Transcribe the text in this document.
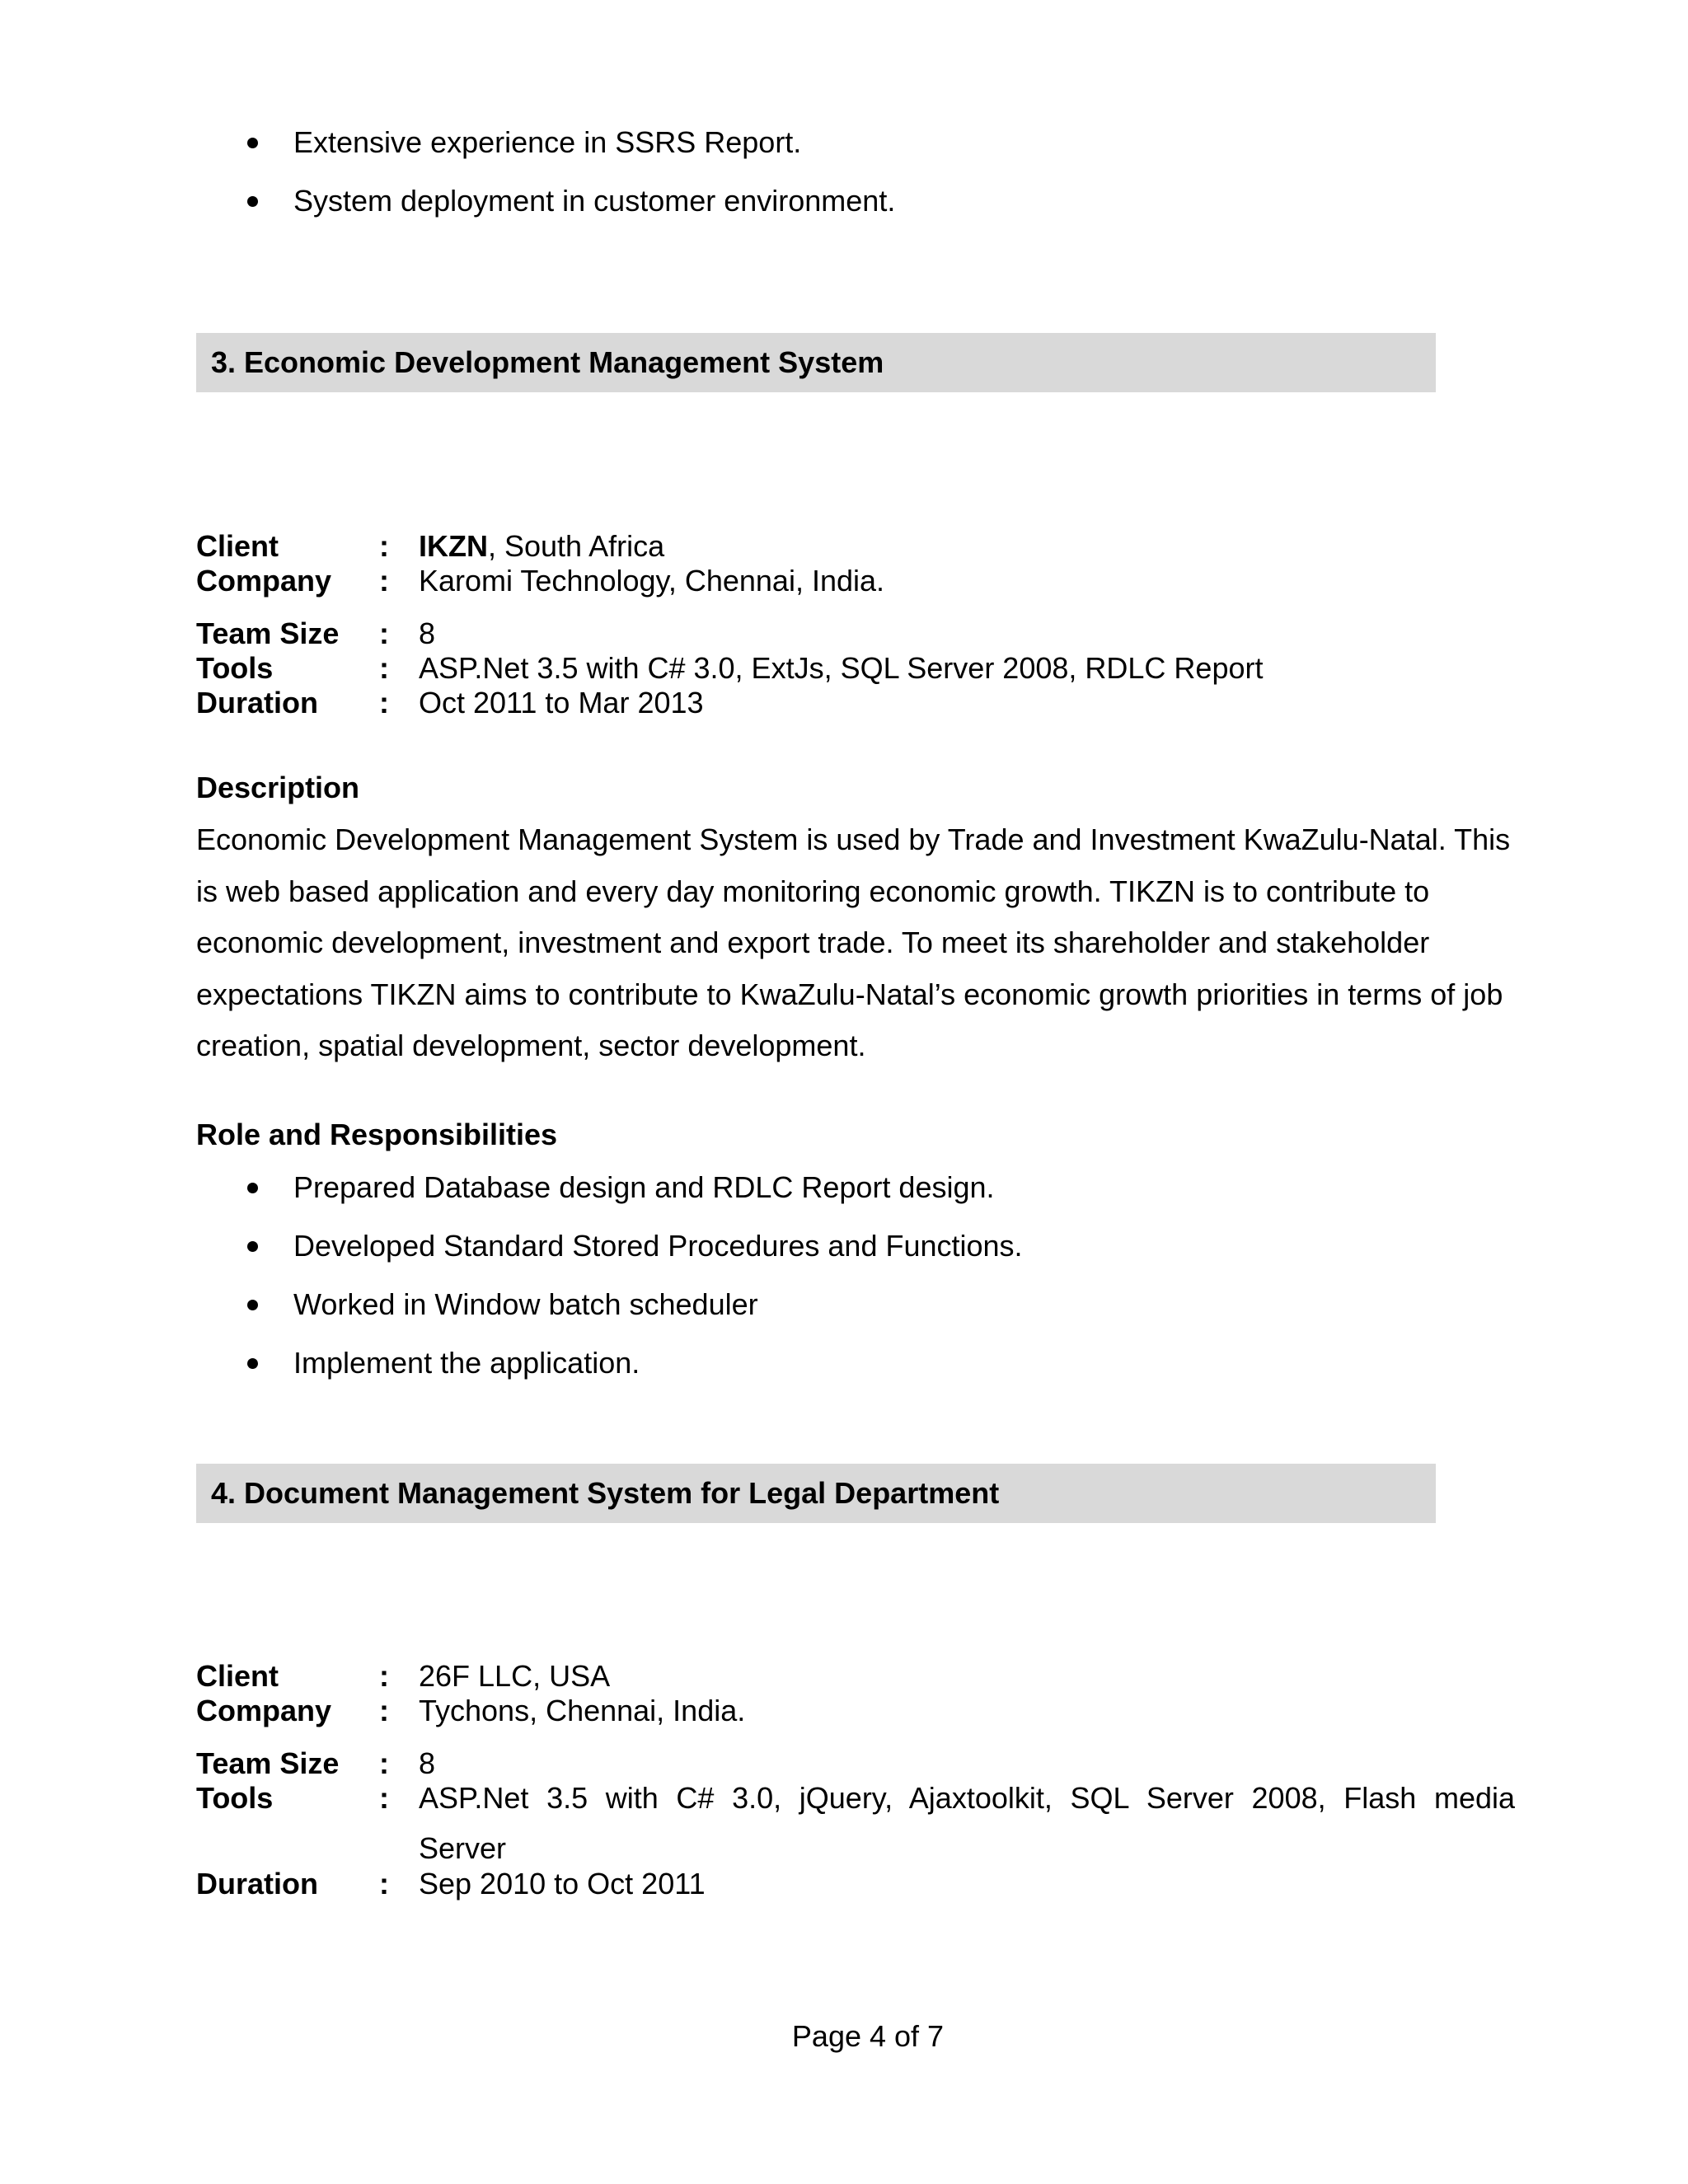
Extensive experience in SSRS Report.
System deployment in customer environment.
3. Economic Development Management System
Client	: IKZN, South Africa
Company : Karomi Technology, Chennai, India.
Team Size : 8
Tools	: ASP.Net 3.5 with C# 3.0, ExtJs, SQL Server 2008, RDLC Report
Duration : Oct 2011 to Mar 2013
Description
Economic Development Management System is used by Trade and Investment KwaZulu-Natal. This is web based application and every day monitoring economic growth. TIKZN is to contribute to economic development, investment and export trade. To meet its shareholder and stakeholder expectations TIKZN aims to contribute to KwaZulu-Natal’s economic growth priorities in terms of job creation, spatial development, sector development.
Role and Responsibilities
Prepared Database design and RDLC Report design.
Developed Standard Stored Procedures and Functions.
Worked in Window batch scheduler
Implement the application.
4. Document Management System for Legal Department
Client	: 26F LLC, USA
Company : Tychons, Chennai, India.
Team Size : 8
Tools	: ASP.Net 3.5 with C# 3.0, jQuery, Ajaxtoolkit, SQL Server 2008, Flash media
Server
Duration : Sep 2010 to Oct 2011
Page 4 of 7
